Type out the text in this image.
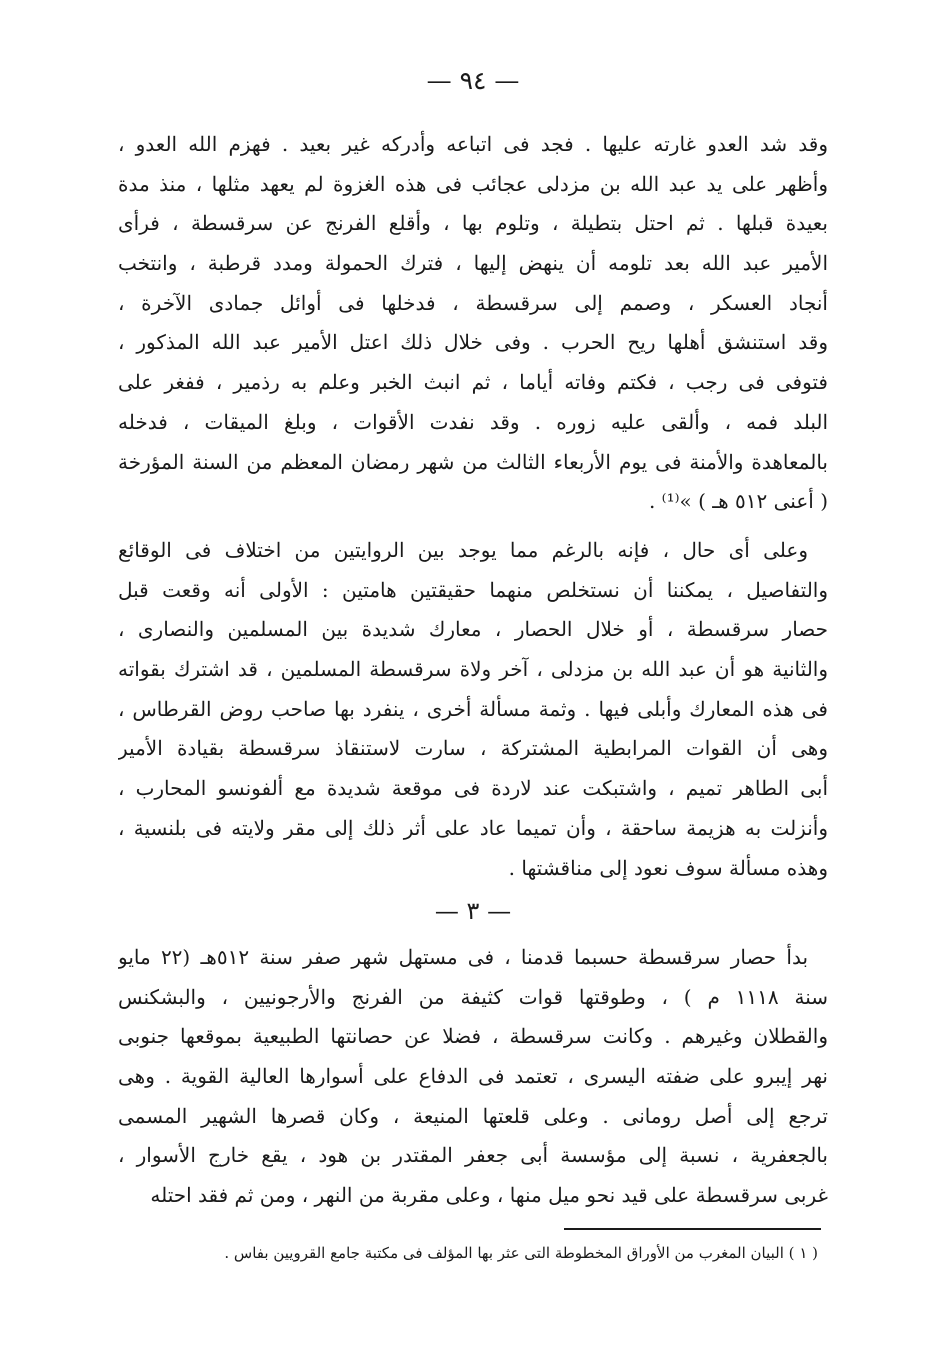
— ٩٤ —
وقد شد العدو غارته عليها . فجد فى اتباعه وأدركه غير بعيد . فهزم الله العدو ،
وأظهر على يد عبد الله بن مزدلى عجائب فى هذه الغزوة لم يعهد مثلها ، منذ مدة
بعيدة قبلها . ثم احتل بتطيلة ، وتلوم بها ، وأقلع الفرنج عن سرقسطة ، فرأى
الأمير عبد الله بعد تلومه أن ينهض إليها ، فترك الحمولة ومدد قرطبة ، وانتخب
أنجاد العسكر ، وصمم إلى سرقسطة ، فدخلها فى أوائل جمادى الآخرة ،
وقد استنشق أهلها ريح الحرب . وفى خلال ذلك اعتل الأمير عبد الله المذكور ،
فتوفى فى رجب ، فكتم وفاته أياما ، ثم انبث الخبر وعلم به رذمير ، ففغر على
البلد فمه ، وألقى عليه زوره . وقد نفدت الأقوات ، وبلغ الميقات ، فدخله
بالمعاهدة والأمنة فى يوم الأربعاء الثالث من شهر رمضان المعظم من السنة المؤرخة
( أعنى ٥١٢ هـ ) »⁽¹⁾ .
وعلى أى حال ، فإنه بالرغم مما يوجد بين الروايتين من اختلاف فى الوقائع
والتفاصيل ، يمكننا أن نستخلص منهما حقيقتين هامتين : الأولى أنه وقعت قبل
حصار سرقسطة ، أو خلال الحصار ، معارك شديدة بين المسلمين والنصارى ،
والثانية هو أن عبد الله بن مزدلى ، آخر ولاة سرقسطة المسلمين ، قد اشترك بقواته
فى هذه المعارك وأبلى فيها . وثمة مسألة أخرى ، ينفرد بها صاحب روض القرطاس ،
وهى أن القوات المرابطية المشتركة ، سارت لاستنقاذ سرقسطة بقيادة الأمير
أبى الطاهر تميم ، واشتبكت عند لاردة فى موقعة شديدة مع ألفونسو المحارب ،
وأنزلت به هزيمة ساحقة ، وأن تميما عاد على أثر ذلك إلى مقر ولايته فى بلنسية ،
وهذه مسألة سوف نعود إلى مناقشتها .
— ٣ —
بدأ حصار سرقسطة حسبما قدمنا ، فى مستهل شهر صفر سنة ٥١٢هـ (٢٢ مايو
سنة ١١١٨ م ) ، وطوقتها قوات كثيفة من الفرنج والأرجونيين ، والبشكنس
والقطلان وغيرهم . وكانت سرقسطة ، فضلا عن حصانتها الطبيعية بموقعها جنوبى
نهر إيبرو على ضفته اليسرى ، تعتمد فى الدفاع على أسوارها العالية القوية . وهى
ترجع إلى أصل رومانى . وعلى قلعتها المنيعة ، وكان قصرها الشهير المسمى
بالجعفرية ، نسبة إلى مؤسسة أبى جعفر المقتدر بن هود ، يقع خارج الأسوار ،
غربى سرقسطة على قيد نحو ميل منها ، وعلى مقربة من النهر ، ومن ثم فقد احتله
( ١ ) البيان المغرب من الأوراق المخطوطة التى عثر بها المؤلف فى مكتبة جامع القرويين بفاس .
